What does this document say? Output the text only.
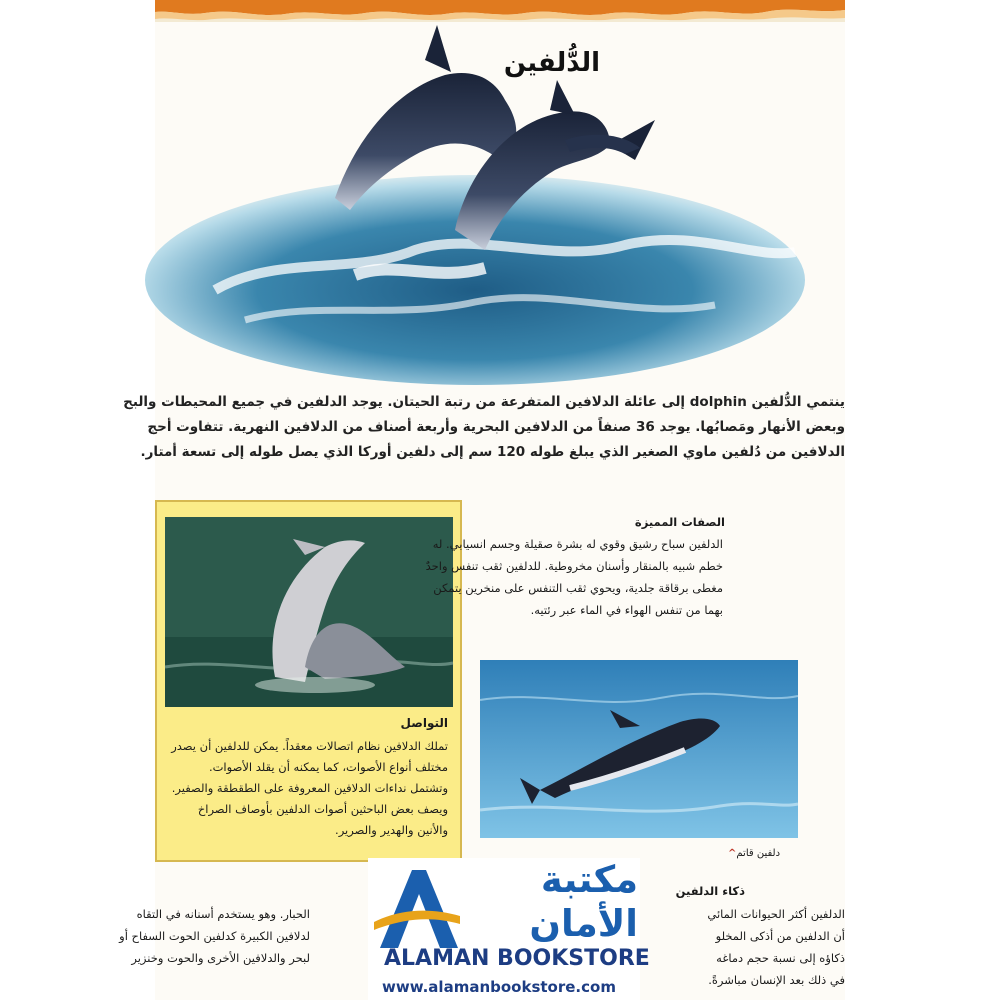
الدُّلفين

ينتمي الدُّلفين dolphin إلى عائلة الدلافين المتفرعة من رتبة الحيتان. يوجد الدلفين في جميع المحيطات والبح

وبعض الأنهار ومَصابُها. يوجد 36 صنفاً من الدلافين البحرية وأربعة أصناف من الدلافين النهرية. تتفاوت أحج

الدلافين من دُلفين ماوي الصغير الذي يبلغ طوله 120 سم إلى دلفين أوركا الذي يصل طوله إلى تسعة أمتار.

التواصل
تملك الدلافين نظام اتصالات معقداً. يمكن للدلفين أن يصدر
مختلف أنواع الأصوات، كما يمكنه أن يقلد الأصوات.
وتشتمل نداءات الدلافين المعروفة على الطقطقة والصفير.
ويصف بعض الباحثين أصوات الدلفين بأوصاف الصراخ
والأنين والهدير والصرير.
الصفات المميزة
الدلفين سباح رشيق وقوي له بشرة صقيلة وجسم انسيابي. له
خطم شبيه بالمنقار وأسنان مخروطية. للدلفين ثقب تنفس واحدٌ
مغطى برقاقة جلدية، ويحوي ثقب التنفس على منخرين يتمكن
بهما من تنفس الهواء في الماء عبر رئتيه.
دلفين قاتم^
ذكاء الدلفين
الدلفين أكثر الحيوانات المائي
أن الدلفين من أذكى المخلو
ذكاؤه إلى نسبة حجم دماغه
في ذلك بعد الإنسان مباشرةً.
الحبار. وهو يستخدم أسنانه في التقاه
لدلافين الكبيرة كدلفين الحوت السفاح أو
لبحر والدلافين الأخرى والحوت وخنزير
مكتبة
الأمان
ALAMAN BOOKSTORE
www.alamanbookstore.com
